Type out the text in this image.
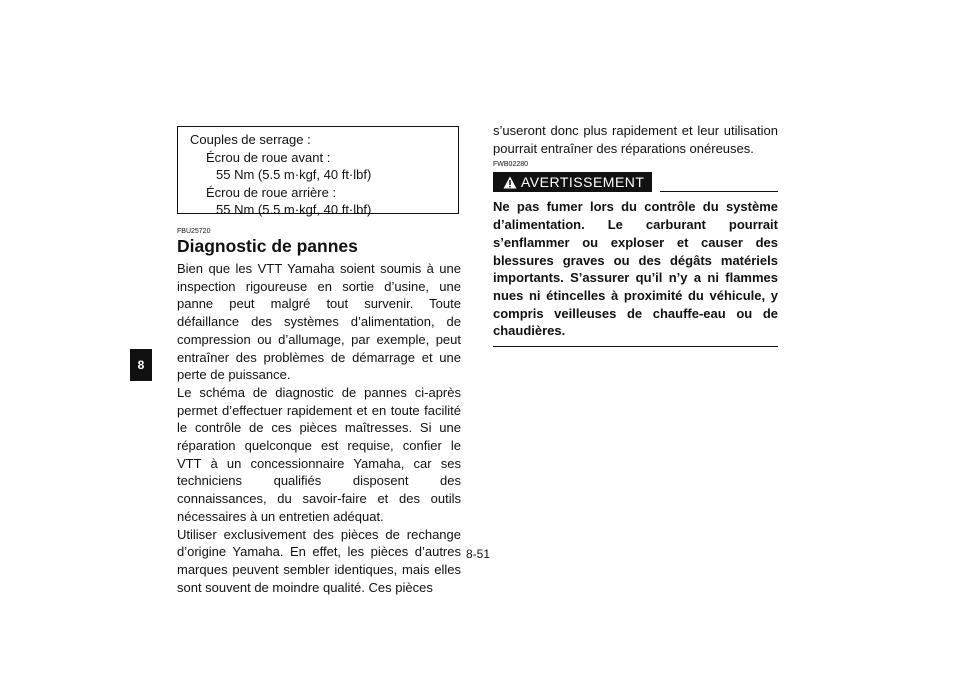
8
Couples de serrage :
Écrou de roue avant :
55 Nm (5.5 m·kgf, 40 ft·lbf)
Écrou de roue arrière :
55 Nm (5.5 m·kgf, 40 ft·lbf)
FBU25720
Diagnostic de pannes

Bien que les VTT Yamaha soient soumis à une inspection rigoureuse en sortie d’usine, une panne peut malgré tout survenir. Toute défaillance des systèmes d’alimentation, de compression ou d’allumage, par exemple, peut entraîner des problèmes de démarrage et une perte de puissance.

Le schéma de diagnostic de pannes ci-après permet d’effectuer rapidement et en toute facilité le contrôle de ces pièces maîtresses. Si une réparation quelconque est requise, confier le VTT à un concessionnaire Yamaha, car ses techniciens qualifiés disposent des connaissances, du savoir-faire et des outils nécessaires à un entretien adéquat.

Utiliser exclusivement des pièces de rechange d’origine Yamaha. En effet, les pièces d’autres marques peuvent sembler identiques, mais elles sont souvent de moindre qualité. Ces pièces

s’useront donc plus rapidement et leur utilisation pourrait entraîner des réparations onéreuses.

FWB02280
AVERTISSEMENT

Ne pas fumer lors du contrôle du système d’alimentation. Le carburant pourrait s’enflammer ou exploser et causer des blessures graves ou des dégâts matériels importants. S’assurer qu’il n’y a ni flammes nues ni étincelles à proximité du véhicule, y compris veilleuses de chauffe-eau ou de chaudières.

8-51
